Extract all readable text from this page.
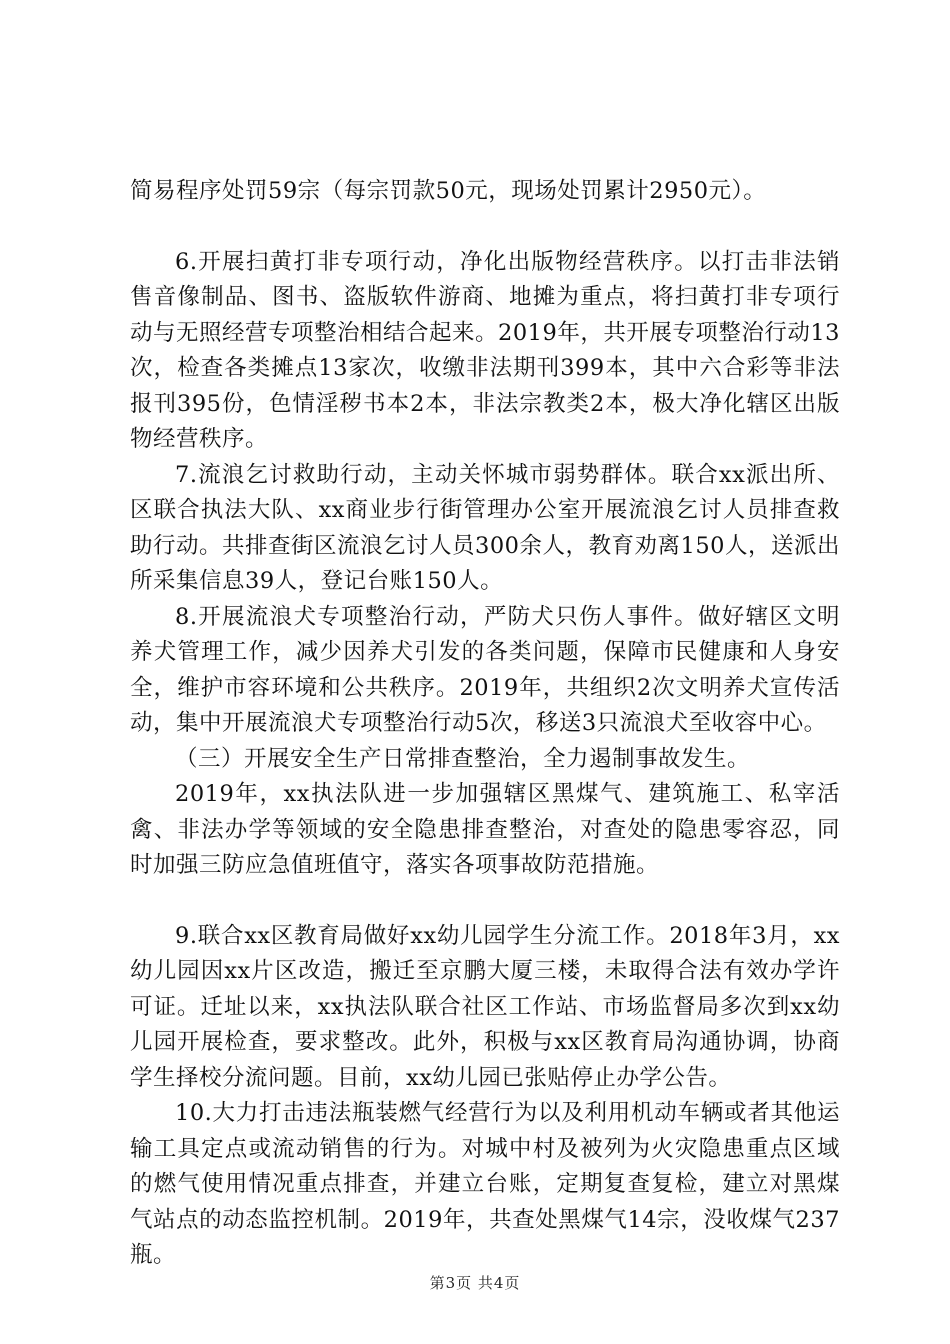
简易程序处罚59宗（每宗罚款50元，现场处罚累计2950元）。

6.开展扫黄打非专项行动，净化出版物经营秩序。以打击非法销售音像制品、图书、盗版软件游商、地摊为重点，将扫黄打非专项行动与无照经营专项整治相结合起来。2019年，共开展专项整治行动13次，检查各类摊点13家次，收缴非法期刊399本，其中六合彩等非法报刊395份，色情淫秽书本2本，非法宗教类2本，极大净化辖区出版物经营秩序。

7.流浪乞讨救助行动，主动关怀城市弱势群体。联合xx派出所、区联合执法大队、xx商业步行街管理办公室开展流浪乞讨人员排查救助行动。共排查街区流浪乞讨人员300余人，教育劝离150人，送派出所采集信息39人，登记台账150人。

8.开展流浪犬专项整治行动，严防犬只伤人事件。做好辖区文明养犬管理工作，减少因养犬引发的各类问题，保障市民健康和人身安全，维护市容环境和公共秩序。2019年，共组织2次文明养犬宣传活动，集中开展流浪犬专项整治行动5次，移送3只流浪犬至收容中心。

（三）开展安全生产日常排查整治，全力遏制事故发生。

2019年，xx执法队进一步加强辖区黑煤气、建筑施工、私宰活禽、非法办学等领域的安全隐患排查整治，对查处的隐患零容忍，同时加强三防应急值班值守，落实各项事故防范措施。

9.联合xx区教育局做好xx幼儿园学生分流工作。2018年3月，xx幼儿园因xx片区改造，搬迁至京鹏大厦三楼，未取得合法有效办学许可证。迁址以来，xx执法队联合社区工作站、市场监督局多次到xx幼儿园开展检查，要求整改。此外，积极与xx区教育局沟通协调，协商学生择校分流问题。目前，xx幼儿园已张贴停止办学公告。

10.大力打击违法瓶装燃气经营行为以及利用机动车辆或者其他运输工具定点或流动销售的行为。对城中村及被列为火灾隐患重点区域的燃气使用情况重点排查，并建立台账，定期复查复检，建立对黑煤气站点的动态监控机制。2019年，共查处黑煤气14宗，没收煤气237瓶。

第3页 共4页
